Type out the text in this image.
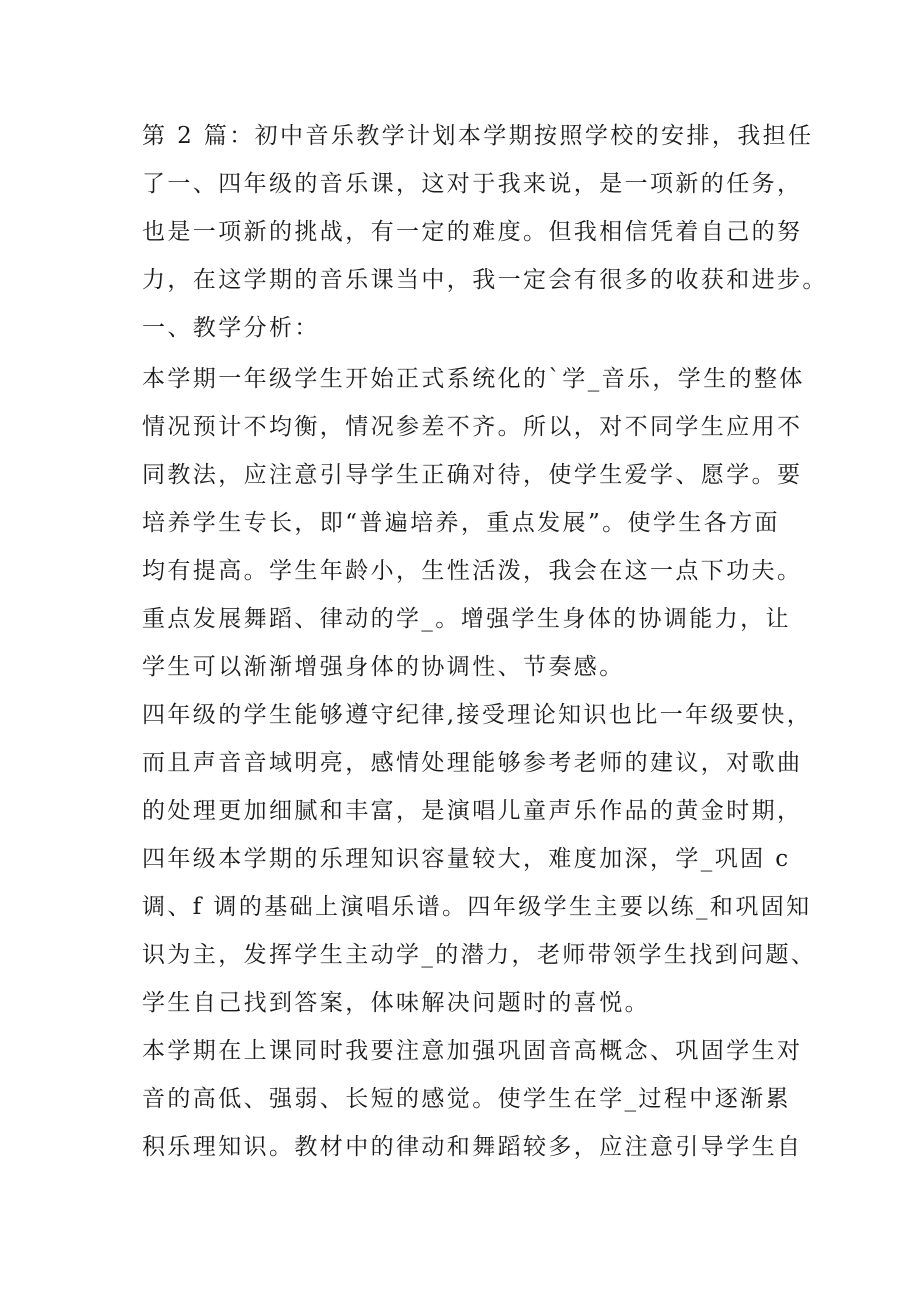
第 2 篇：初中音乐教学计划本学期按照学校的安排，我担任
了一、四年级的音乐课，这对于我来说，是一项新的任务，
也是一项新的挑战，有一定的难度。但我相信凭着自己的努
力，在这学期的音乐课当中，我一定会有很多的收获和进步。
一、教学分析：
本学期一年级学生开始正式系统化的`学_音乐，学生的整体
情况预计不均衡，情况参差不齐。所以，对不同学生应用不
同教法，应注意引导学生正确对待，使学生爱学、愿学。要
培养学生专长，即“普遍培养，重点发展”。使学生各方面
均有提高。学生年龄小，生性活泼，我会在这一点下功夫。
重点发展舞蹈、律动的学_。增强学生身体的协调能力，让
学生可以渐渐增强身体的协调性、节奏感。
四年级的学生能够遵守纪律,接受理论知识也比一年级要快，
而且声音音域明亮，感情处理能够参考老师的建议，对歌曲
的处理更加细腻和丰富，是演唱儿童声乐作品的黄金时期，
四年级本学期的乐理知识容量较大，难度加深，学_巩固 c
调、f 调的基础上演唱乐谱。四年级学生主要以练_和巩固知
识为主，发挥学生主动学_的潜力，老师带领学生找到问题、
学生自己找到答案，体味解决问题时的喜悦。
本学期在上课同时我要注意加强巩固音高概念、巩固学生对
音的高低、强弱、长短的感觉。使学生在学_过程中逐渐累
积乐理知识。教材中的律动和舞蹈较多，应注意引导学生自
